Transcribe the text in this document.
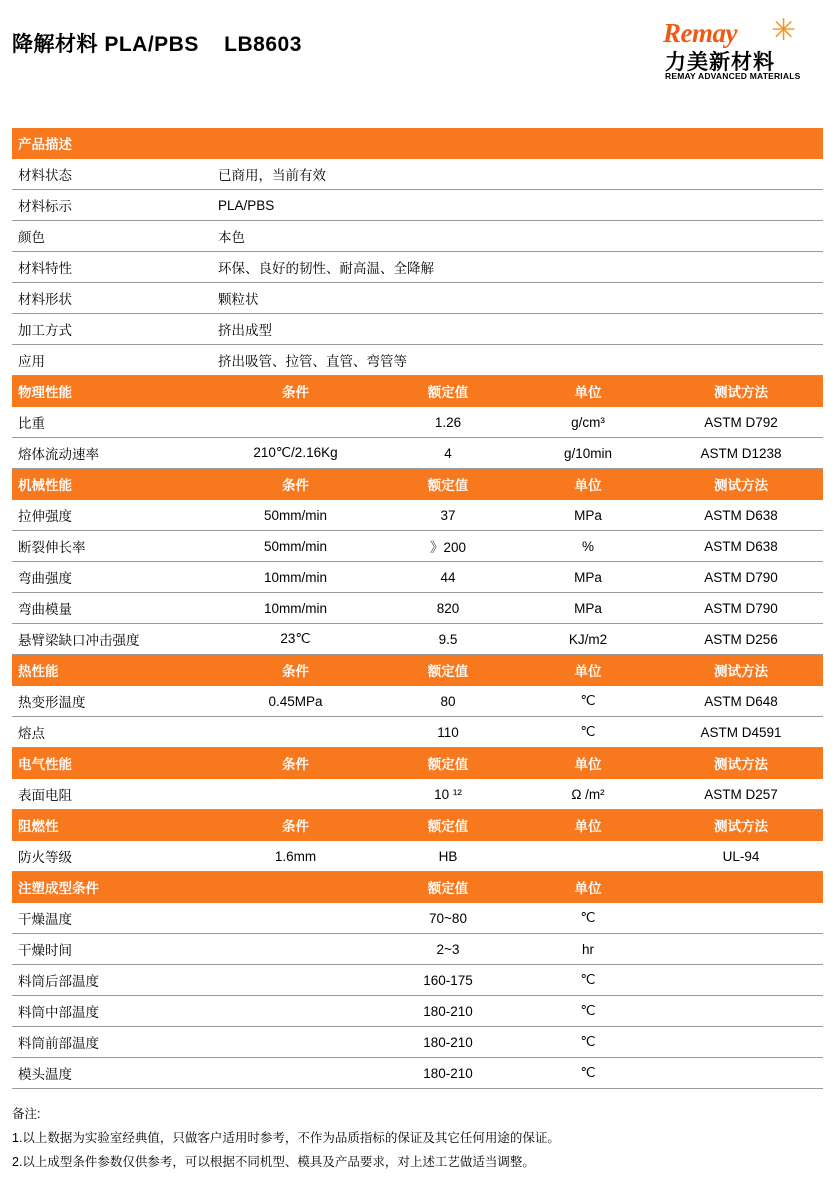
降解材料 PLA/PBS    LB8603	Remay ✳
力美新材料
REMAY ADVANCED MATERIALS
产品描述				
材料状态	已商用，当前有效			
材料标示	PLA/PBS			
颜色	本色			
材料特性	环保、良好的韧性、耐高温、全降解			
材料形状	颗粒状			
加工方式	挤出成型			
应用	挤出吸管、拉管、直管、弯管等			
物理性能	条件	额定值	单位	测试方法
比重		1.26	g/cm³	ASTM D792
熔体流动速率	210℃/2.16Kg	4	g/10min	ASTM D1238
机械性能	条件	额定值	单位	测试方法
拉伸强度	50mm/min	37	MPa	ASTM D638
断裂伸长率	50mm/min	》200	%	ASTM D638
弯曲强度	10mm/min	44	MPa	ASTM D790
弯曲模量	10mm/min	820	MPa	ASTM D790
悬臂梁缺口冲击强度	23℃	9.5	KJ/m2	ASTM D256
热性能	条件	额定值	单位	测试方法
热变形温度	0.45MPa	80	℃	ASTM D648
熔点		110	℃	ASTM D4591
电气性能	条件	额定值	单位	测试方法
表面电阻		10 ¹²	Ω /m²	ASTM D257
阻燃性	条件	额定值	单位	测试方法
防火等级	1.6mm	HB		UL-94
注塑成型条件		额定值	单位	
干燥温度		70~80	℃	
干燥时间		2~3	hr	
料筒后部温度		160-175	℃	
料筒中部温度		180-210	℃	
料筒前部温度		180-210	℃	
模头温度		180-210	℃	
备注:
1.以上数据为实验室经典值，只做客户适用时参考，不作为品质指标的保证及其它任何用途的保证。
2.以上成型条件参数仅供参考，可以根据不同机型、模具及产品要求，对上述工艺做适当调整。
